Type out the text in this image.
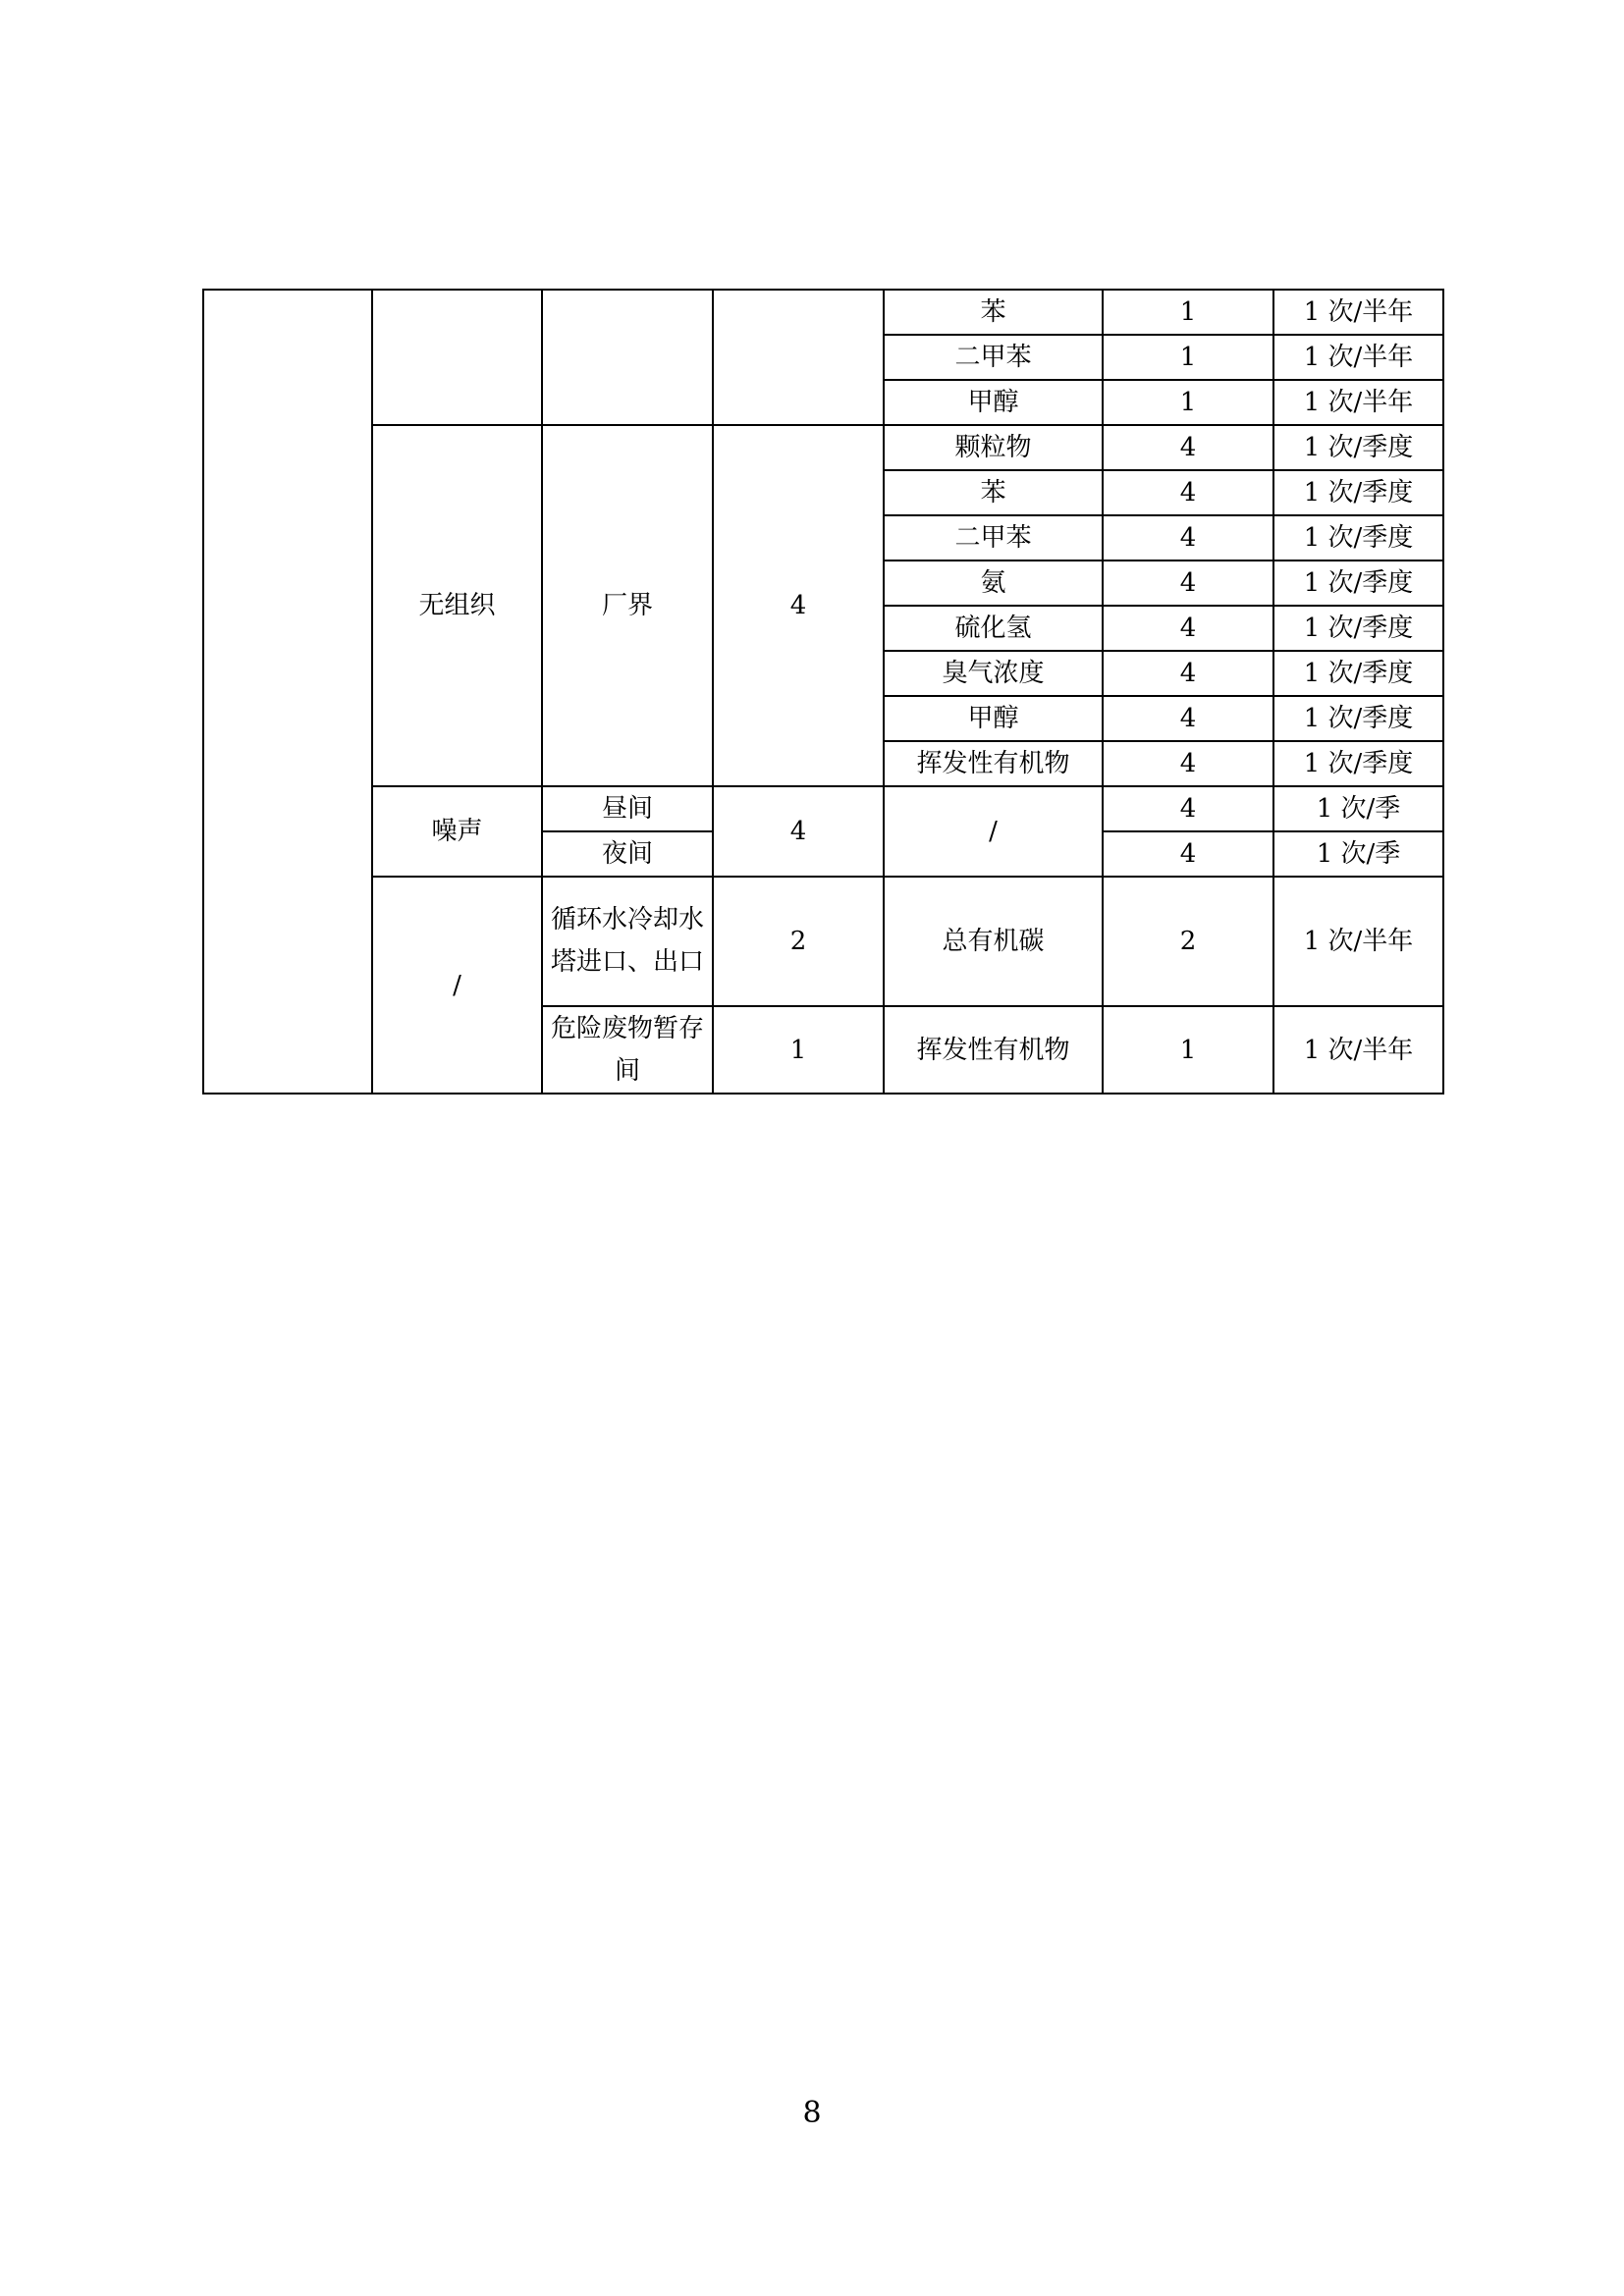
				苯	1	1 次/半年
				二甲苯	1	1 次/半年
				甲醇	1	1 次/半年
	无组织	厂界	4	颗粒物	4	1 次/季度
				苯	4	1 次/季度
				二甲苯	4	1 次/季度
				氨	4	1 次/季度
				硫化氢	4	1 次/季度
				臭气浓度	4	1 次/季度
				甲醇	4	1 次/季度
				挥发性有机物	4	1 次/季度
	噪声	昼间	4	/	4	1 次/季
		夜间			4	1 次/季
	/	循环水冷却水塔进口、出口	2	总有机碳	2	1 次/半年
		危险废物暂存间	1	挥发性有机物	1	1 次/半年
8
